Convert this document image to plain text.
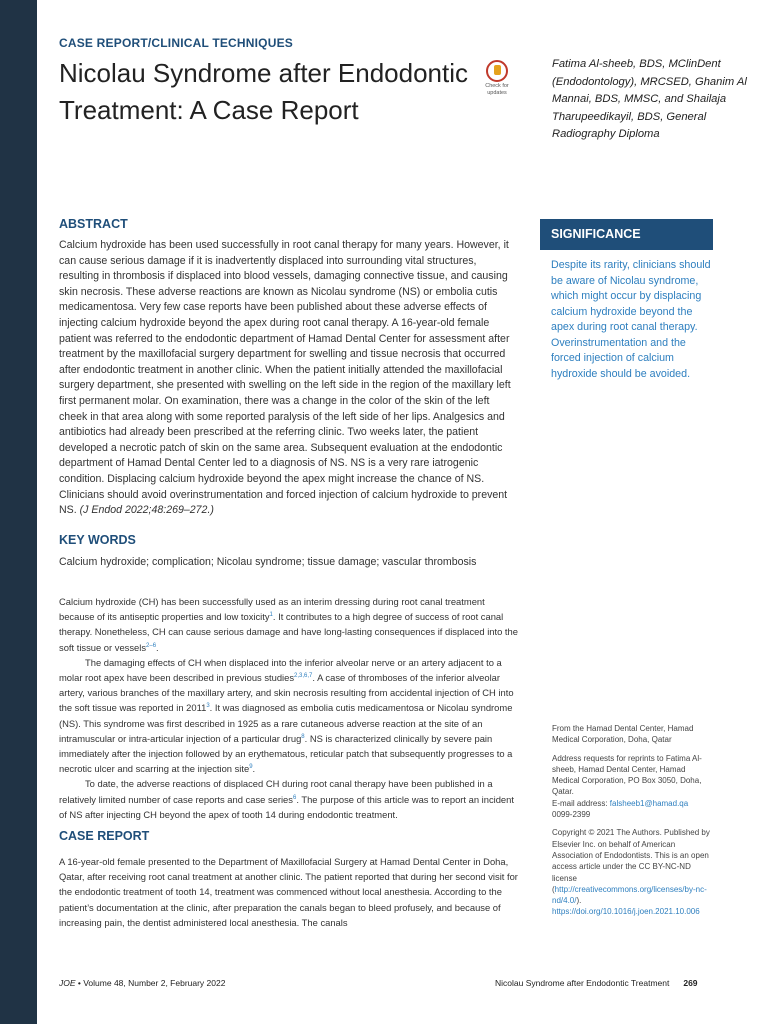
CASE REPORT/CLINICAL TECHNIQUES
Nicolau Syndrome after Endodontic Treatment: A Case Report
Check for
updates
Fatima Al-sheeb, BDS, MClinDent (Endodontology), MRCSED, Ghanim Al Mannai, BDS, MMSC, and Shailaja Tharupeedikayil, BDS, General Radiography Diploma
ABSTRACT

Calcium hydroxide has been used successfully in root canal therapy for many years. However, it can cause serious damage if it is inadvertently displaced into surrounding vital structures, resulting in thrombosis if displaced into blood vessels, damaging connective tissue, and causing skin necrosis. These adverse reactions are known as Nicolau syndrome (NS) or embolia cutis medicamentosa. Very few case reports have been published about these adverse effects of injecting calcium hydroxide beyond the apex during root canal therapy. A 16-year-old female patient was referred to the endodontic department of Hamad Dental Center for assessment after treatment by the maxillofacial surgery department for swelling and tissue necrosis that occurred after endodontic treatment in another clinic. When the patient initially attended the maxillofacial surgery department, she presented with swelling on the left side in the region of the maxillary left first permanent molar. On examination, there was a change in the color of the skin of the left cheek in that area along with some reported paralysis of the left side of her lips. Analgesics and antibiotics had already been prescribed at the referring clinic. Two weeks later, the patient developed a necrotic patch of skin on the same area. Subsequent evaluation at the endodontic department of Hamad Dental Center led to a diagnosis of NS. NS is a very rare iatrogenic condition. Displacing calcium hydroxide beyond the apex might increase the chance of NS. Clinicians should avoid overinstrumentation and forced injection of calcium hydroxide to prevent NS. (J Endod 2022;48:269–272.)

KEY WORDS

Calcium hydroxide; complication; Nicolau syndrome; tissue damage; vascular thrombosis

SIGNIFICANCE

Despite its rarity, clinicians should be aware of Nicolau syndrome, which might occur by displacing calcium hydroxide beyond the apex during root canal therapy. Overinstrumentation and the forced injection of calcium hydroxide should be avoided.

Calcium hydroxide (CH) has been successfully used as an interim dressing during root canal treatment because of its antiseptic properties and low toxicity$^1$. It contributes to a high degree of success of root canal therapy. Nonetheless, CH can cause serious damage and have long-lasting consequences if displaced into the soft tissue or vessels$^{2-6}$.

The damaging effects of CH when displaced into the inferior alveolar nerve or an artery adjacent to a molar root apex have been described in previous studies$^{2,3,6,7}$. A case of thromboses of the inferior alveolar artery, various branches of the maxillary artery, and skin necrosis resulting from accidental injection of CH into the soft tissue was reported in 2011$^3$. It was diagnosed as embolia cutis medicamentosa or Nicolau syndrome (NS). This syndrome was first described in 1925 as a rare cutaneous adverse reaction at the site of an intramuscular or intra-articular injection of a particular drug$^8$. NS is characterized clinically by severe pain immediately after the injection followed by an erythematous, reticular patch that subsequently progresses to a necrotic ulcer and scarring at the injection site$^9$.

To date, the adverse reactions of displaced CH during root canal therapy have been published in a relatively limited number of case reports and case series$^6$. The purpose of this article was to report an incident of NS after injecting CH beyond the apex of tooth 14 during endodontic treatment.

CASE REPORT

A 16-year-old female presented to the Department of Maxillofacial Surgery at Hamad Dental Center in Doha, Qatar, after receiving root canal treatment at another clinic. The patient reported that during her second visit for the endodontic treatment of tooth 14, treatment was commenced without local anesthesia. According to the patient’s documentation at the clinic, after preparation the canals began to bleed profusely, and because of increasing pain, the dentist administered local anesthesia. The canals

From the Hamad Dental Center, Hamad Medical Corporation, Doha, Qatar

Address requests for reprints to Fatima Al-sheeb, Hamad Dental Center, Hamad Medical Corporation, PO Box 3050, Doha, Qatar.
E-mail address: falsheeb1@hamad.qa
0099-2399

Copyright © 2021 The Authors. Published by Elsevier Inc. on behalf of American Association of Endodontists. This is an open access article under the CC BY-NC-ND license (http://creativecommons.org/licenses/by-nc-nd/4.0/).
https://doi.org/10.1016/j.joen.2021.10.006

JOE • Volume 48, Number 2, February 2022	Nicolau Syndrome after Endodontic Treatment 269
